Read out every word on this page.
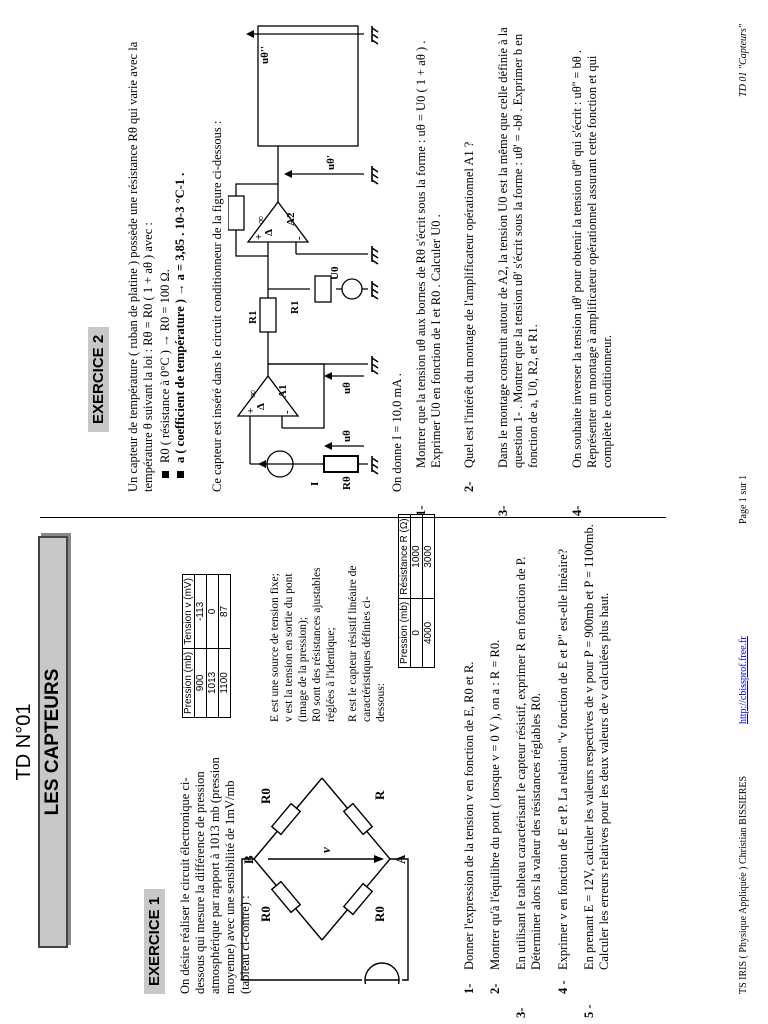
TD N°01 LES CAPTEURS
EXERCICE 1 On désire réaliser le circuit électronique ci-dessous qui mesure la différence de pression atmosphérique par rapport à 1013 mb (pression moyenne) avec une sensibilité de 1mV/mb (tableau ci-contre) :
B	A
v
R0
R0
R0
R
Pression (mb)	Tension v (mV)
900	-113
1013	0
1100	87	E est une source de tension fixe; v est la tension en sortie du pont (image de la pression); R0 sont des résistances ajustables réglées à l'identique; R est le capteur résistif linéaire de caractéristiques définies ci-dessous:
Pression (mb)	Résistance R (Ω)
0	1000
4000	3000
1-Donner l'expression de la tension v en fonction de E, R0 et R.
2-Montrer qu'à l'équilibre du pont ( lorsque v = 0 V ), on a : R = R0.
3-En utilisant le tableau caractérisant le capteur résistif, exprimer R en fonction de P. Déterminer alors la valeur des résistances réglables R0.
4 -Exprimer v en fonction de E et P. La relation "v fonction de E et P" est-elle linéaire?
5 -En prenant E = 12V, calculer les valeurs respectives de v pour P = 900mb et P = 1100mb. Calculer les erreurs relatives pour les deux valeurs de v calculées plus haut.
EXERCICE 2 Un capteur de température ( ruban de platine ) possède une résistance Rθ qui varie avec la température θ suivant la loi : Rθ = R0 ( 1 + aθ ) avec : R0 ( résistance à 0°C ) → R0 = 100 Ω. a ( coefficient de température ) → a = 3,85 . 10-3 °C-1 . Ce capteur est inséré dans le circuit conditionneur de la figure ci-dessous :	I Rθ
uθ
uθ
Δ
∞
+ -
A1
R1
R1
U0
Δ
∞
+	-
A2
uθ'
uθ''
On donne I = 10,0 mA .
1-Montrer que la tension uθ aux bornes de Rθ s'écrit sous la forme : uθ = U0 ( 1 + aθ ) . Exprimer U0 en fonction de I et R0 . Calculer U0 .
2-Quel est l'intérêt du montage de l'amplificateur opérationnel A1 ?
3-Dans le montage construit autour de A2, la tension U0 est la même que celle définie à la question 1- . Montrer que la tension uθ' s'écrit sous la forme : uθ' = -bθ . Exprimer b en fonction de a, U0, R2, et R1.
4-On souhaite inverser la tension uθ' pour obtenir la tension uθ'' qui s'écrit : uθ'' = bθ . Représenter un montage à amplificateur opérationnel assurant cette fonction et qui complète le conditionneur.
TS IRIS ( Physique Appliquée ) Christian BISSIERES
http://cbissprof.free.fr
Page 1 sur 1
TD 01 "Capteurs"
